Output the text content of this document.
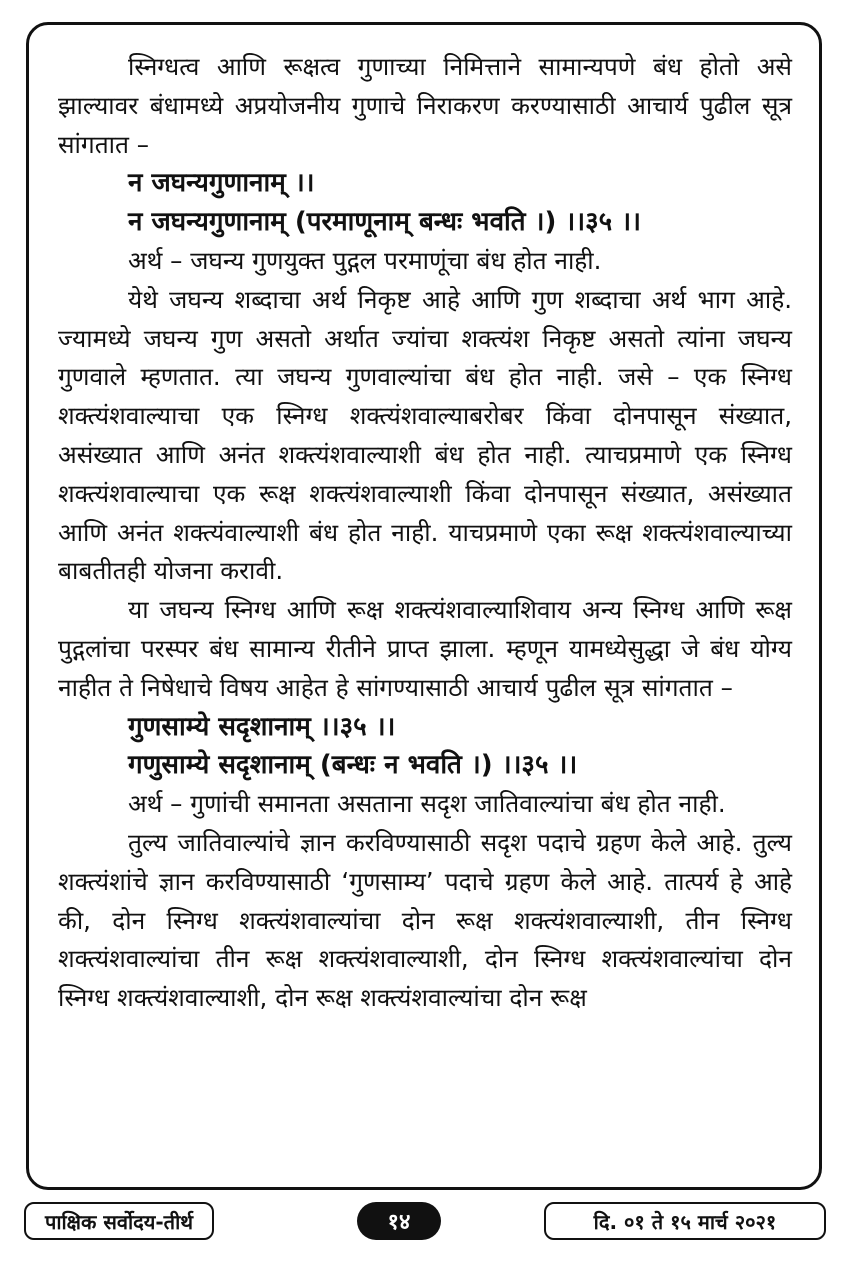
स्निग्धत्व आणि रूक्षत्व गुणाच्या निमित्ताने सामान्यपणे बंध होतो असे झाल्यावर बंधामध्ये अप्रयोजनीय गुणाचे निराकरण करण्यासाठी आचार्य पुढील सूत्र सांगतात –

न जघन्यगुणानाम् ।।

न जघन्यगुणानाम् (परमाणूनाम् बन्धः भवति ।) ।।३५ ।।

अर्थ – जघन्य गुणयुक्त पुद्गल परमाणूंचा बंध होत नाही.

येथे जघन्य शब्दाचा अर्थ निकृष्ट आहे आणि गुण शब्दाचा अर्थ भाग आहे. ज्यामध्ये जघन्य गुण असतो अर्थात ज्यांचा शक्त्यंश निकृष्ट असतो त्यांना जघन्य गुणवाले म्हणतात. त्या जघन्य गुणवाल्यांचा बंध होत नाही. जसे – एक स्निग्ध शक्त्यंशवाल्याचा एक स्निग्ध शक्त्यंशवाल्याबरोबर किंवा दोनपासून संख्यात, असंख्यात आणि अनंत शक्त्यंशवाल्याशी बंध होत नाही. त्याचप्रमाणे एक स्निग्ध शक्त्यंशवाल्याचा एक रूक्ष शक्त्यंशवाल्याशी किंवा दोनपासून संख्यात, असंख्यात आणि अनंत शक्त्यंवाल्याशी बंध होत नाही. याचप्रमाणे एका रूक्ष शक्त्यंशवाल्याच्या बाबतीतही योजना करावी.

या जघन्य स्निग्ध आणि रूक्ष शक्त्यंशवाल्याशिवाय अन्य स्निग्ध आणि रूक्ष पुद्गलांचा परस्पर बंध सामान्य रीतीने प्राप्त झाला. म्हणून यामध्येसुद्धा जे बंध योग्य नाहीत ते निषेधाचे विषय आहेत हे सांगण्यासाठी आचार्य पुढील सूत्र सांगतात –

गुणसाम्ये सदृशानाम् ।।३५ ।।

गणुसाम्ये सदृशानाम् (बन्धः न भवति ।) ।।३५ ।।

अर्थ – गुणांची समानता असताना सदृश जातिवाल्यांचा बंध होत नाही.

तुल्य जातिवाल्यांचे ज्ञान करविण्यासाठी सदृश पदाचे ग्रहण केले आहे. तुल्य शक्त्यंशांचे ज्ञान करविण्यासाठी ‘गुणसाम्य’ पदाचे ग्रहण केले आहे. तात्पर्य हे आहे की, दोन स्निग्ध शक्त्यंशवाल्यांचा दोन रूक्ष शक्त्यंशवाल्याशी, तीन स्निग्ध शक्त्यंशवाल्यांचा तीन रूक्ष शक्त्यंशवाल्याशी, दोन स्निग्ध शक्त्यंशवाल्यांचा दोन स्निग्ध शक्त्यंशवाल्याशी, दोन रूक्ष शक्त्यंशवाल्यांचा दोन रूक्ष

पाक्षिक सर्वोदय-तीर्थ	१४	दि. ०१ ते १५ मार्च २०२१
